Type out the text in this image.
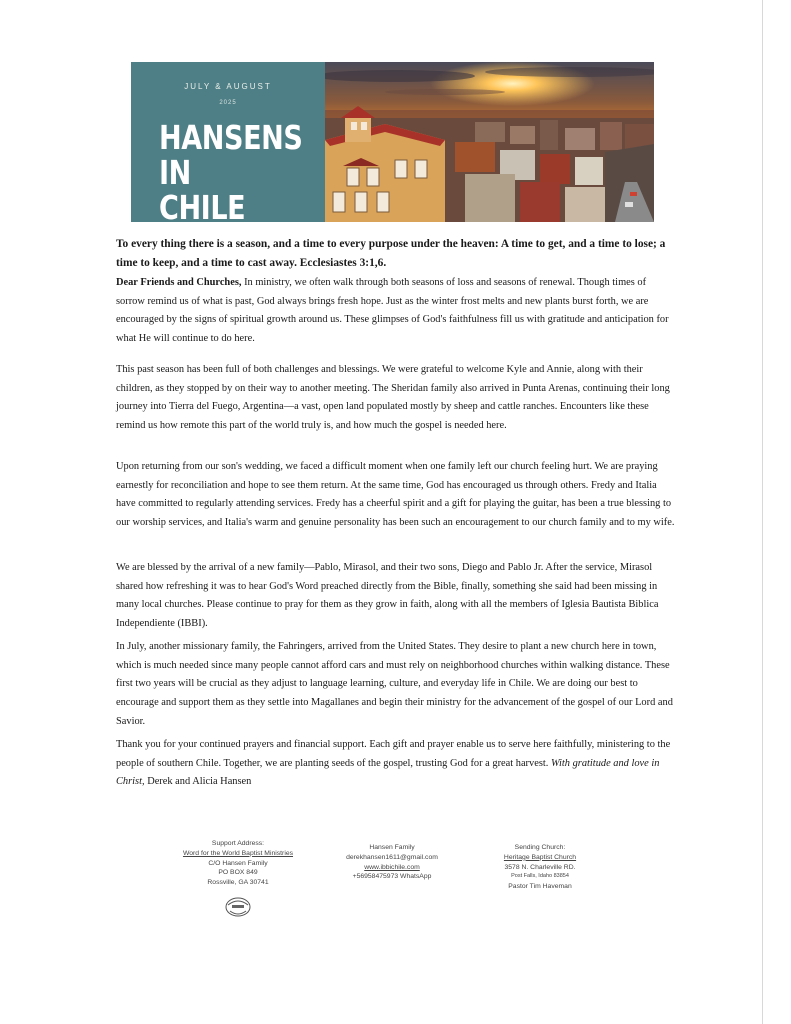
JULY & AUGUST
2025
HANSENS
IN CHILE
To every thing there is a season, and a time to every purpose under the heaven: A time to get, and a time to lose; a time to keep, and a time to cast away. Ecclesiastes 3:1,6.
Dear Friends and Churches, In ministry, we often walk through both seasons of loss and seasons of renewal. Though times of sorrow remind us of what is past, God always brings fresh hope. Just as the winter frost melts and new plants burst forth, we are encouraged by the signs of spiritual growth around us. These glimpses of God's faithfulness fill us with gratitude and anticipation for what He will continue to do here.
This past season has been full of both challenges and blessings. We were grateful to welcome Kyle and Annie, along with their children, as they stopped by on their way to another meeting. The Sheridan family also arrived in Punta Arenas, continuing their long journey into Tierra del Fuego, Argentina—a vast, open land populated mostly by sheep and cattle ranches. Encounters like these remind us how remote this part of the world truly is, and how much the gospel is needed here.
Upon returning from our son's wedding, we faced a difficult moment when one family left our church feeling hurt. We are praying earnestly for reconciliation and hope to see them return. At the same time, God has encouraged us through others. Fredy and Italia have committed to regularly attending services. Fredy has a cheerful spirit and a gift for playing the guitar, has been a true blessing to our worship services, and Italia's warm and genuine personality has been such an encouragement to our church family and to my wife.
We are blessed by the arrival of a new family—Pablo, Mirasol, and their two sons, Diego and Pablo Jr. After the service, Mirasol shared how refreshing it was to hear God's Word preached directly from the Bible, finally, something she said had been missing in many local churches. Please continue to pray for them as they grow in faith, along with all the members of Iglesia Bautista Biblica Independiente (IBBI).
In July, another missionary family, the Fahringers, arrived from the United States. They desire to plant a new church here in town, which is much needed since many people cannot afford cars and must rely on neighborhood churches within walking distance. These first two years will be crucial as they adjust to language learning, culture, and everyday life in Chile. We are doing our best to encourage and support them as they settle into Magallanes and begin their ministry for the advancement of the gospel of our Lord and Savior.
Thank you for your continued prayers and financial support. Each gift and prayer enable us to serve here faithfully, ministering to the people of southern Chile. Together, we are planting seeds of the gospel, trusting God for a great harvest. With gratitude and love in Christ, Derek and Alicia Hansen
Support Address:
Word for the World Baptist Ministries
C/O Hansen Family
PO BOX 849
Rossville, GA 30741
Hansen Family
derekhansen1611@gmail.com
www.ibbichile.com
+56958475973 WhatsApp
Sending Church:
Heritage Baptist Church
3578 N. Charleville RD.
Post Falls, Idaho 83854
Pastor Tim Haveman
